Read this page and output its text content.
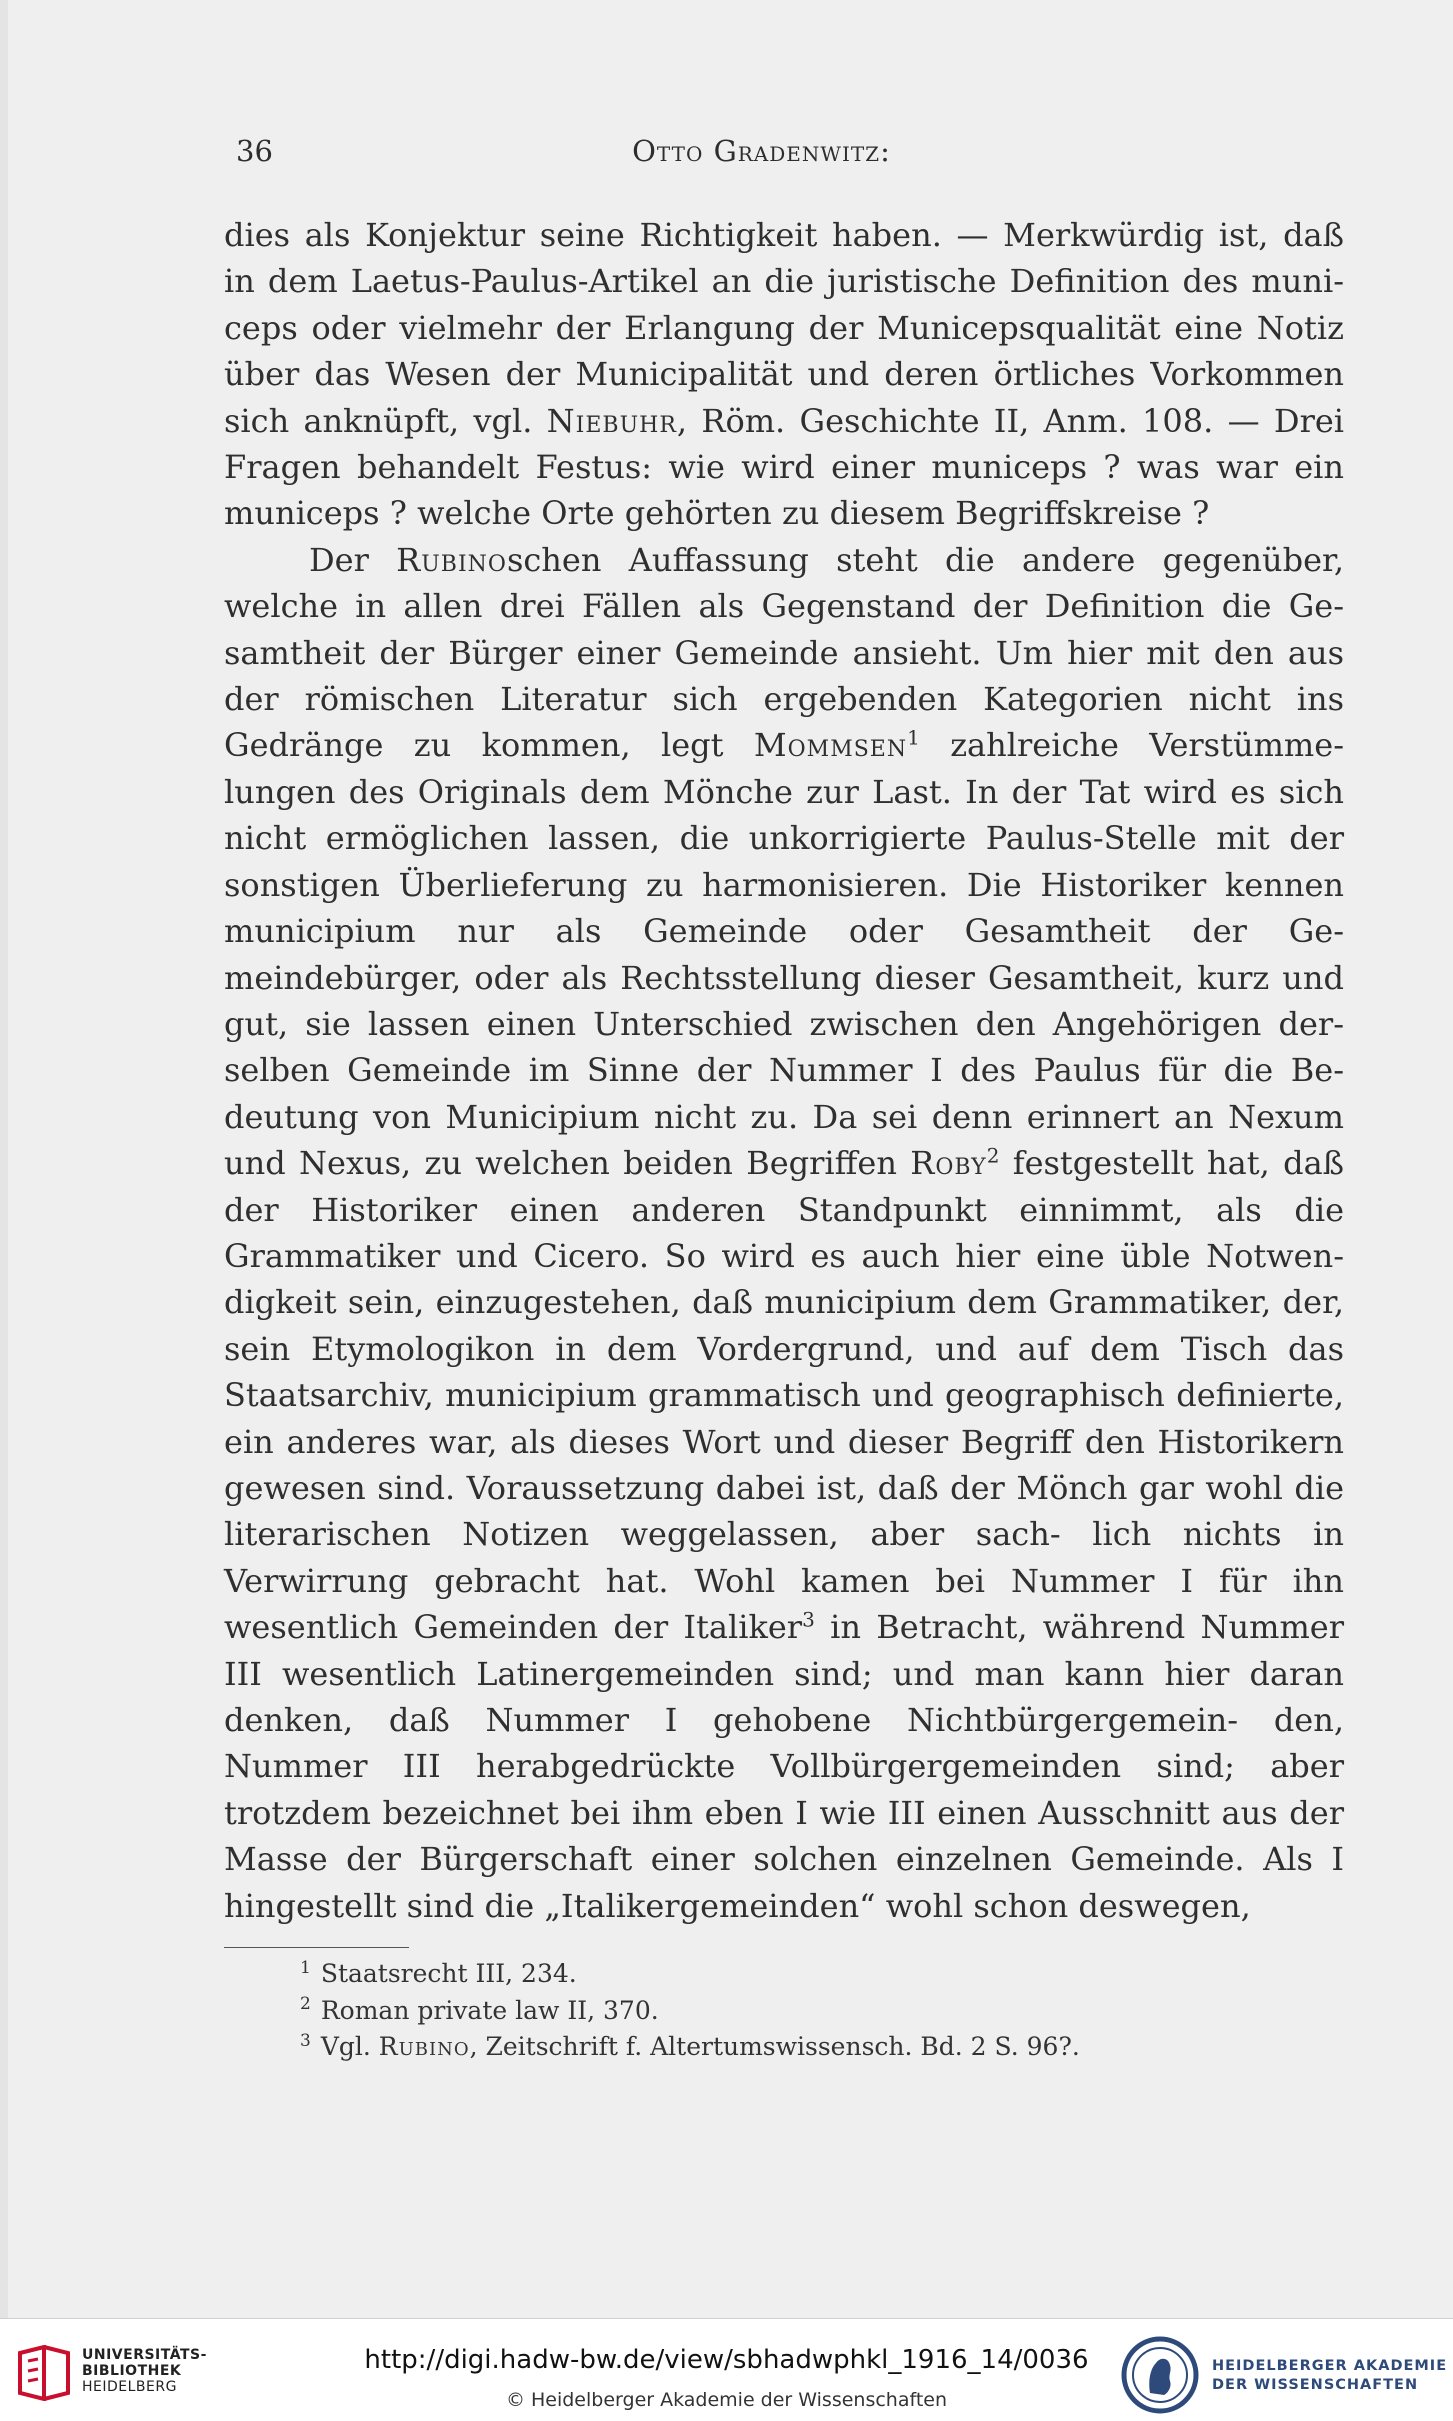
36	Otto Gradenwitz:

dies als Konjektur seine Richtigkeit haben. — Merkwürdig ist, daß in dem Laetus-Paulus-Artikel an die juristische Definition des muni- ceps oder vielmehr der Erlangung der Municepsqualität eine Notiz über das Wesen der Municipalität und deren örtliches Vorkommen sich anknüpft, vgl. Niebuhr, Röm. Geschichte II, Anm. 108. — Drei Fragen behandelt Festus: wie wird einer municeps ? was war ein municeps ? welche Orte gehörten zu diesem Begriffskreise ?

Der Rubinoschen Auffassung steht die andere gegenüber, welche in allen drei Fällen als Gegenstand der Definition die Ge- samtheit der Bürger einer Gemeinde ansieht. Um hier mit den aus der römischen Literatur sich ergebenden Kategorien nicht ins Gedränge zu kommen, legt Mommsen$^1$ zahlreiche Verstümme- lungen des Originals dem Mönche zur Last. In der Tat wird es sich nicht ermöglichen lassen, die unkorrigierte Paulus-Stelle mit der sonstigen Überlieferung zu harmonisieren. Die Historiker kennen municipium nur als Gemeinde oder Gesamtheit der Ge- meindebürger, oder als Rechtsstellung dieser Gesamtheit, kurz und gut, sie lassen einen Unterschied zwischen den Angehörigen der- selben Gemeinde im Sinne der Nummer I des Paulus für die Be- deutung von Municipium nicht zu. Da sei denn erinnert an Nexum und Nexus, zu welchen beiden Begriffen Roby$^2$ festgestellt hat, daß der Historiker einen anderen Standpunkt einnimmt, als die Grammatiker und Cicero. So wird es auch hier eine üble Notwen- digkeit sein, einzugestehen, daß municipium dem Grammatiker, der, sein Etymologikon in dem Vordergrund, und auf dem Tisch das Staatsarchiv, municipium grammatisch und geographisch definierte, ein anderes war, als dieses Wort und dieser Begriff den Historikern gewesen sind. Voraussetzung dabei ist, daß der Mönch gar wohl die literarischen Notizen weggelassen, aber sach- lich nichts in Verwirrung gebracht hat. Wohl kamen bei Nummer I für ihn wesentlich Gemeinden der Italiker$^3$ in Betracht, während Nummer III wesentlich Latinergemeinden sind; und man kann hier daran denken, daß Nummer I gehobene Nichtbürgergemein- den, Nummer III herabgedrückte Vollbürgergemeinden sind; aber trotzdem bezeichnet bei ihm eben I wie III einen Ausschnitt aus der Masse der Bürgerschaft einer solchen einzelnen Gemeinde. Als I hingestellt sind die „Italikergemeinden“ wohl schon deswegen,

$^1$ Staatsrecht III, 234.
$^2$ Roman private law II, 370.
$^3$ Vgl. Rubino, Zeitschrift f. Altertumswissensch. Bd. 2 S. 96?.
UNIVERSITÄTS-
BIBLIOTHEK
HEIDELBERG
http://digi.hadw-bw.de/view/sbhadwphkl_1916_14/0036
© Heidelberger Akademie der Wissenschaften
HEIDELBERGER AKADEMIE
DER WISSENSCHAFTEN
